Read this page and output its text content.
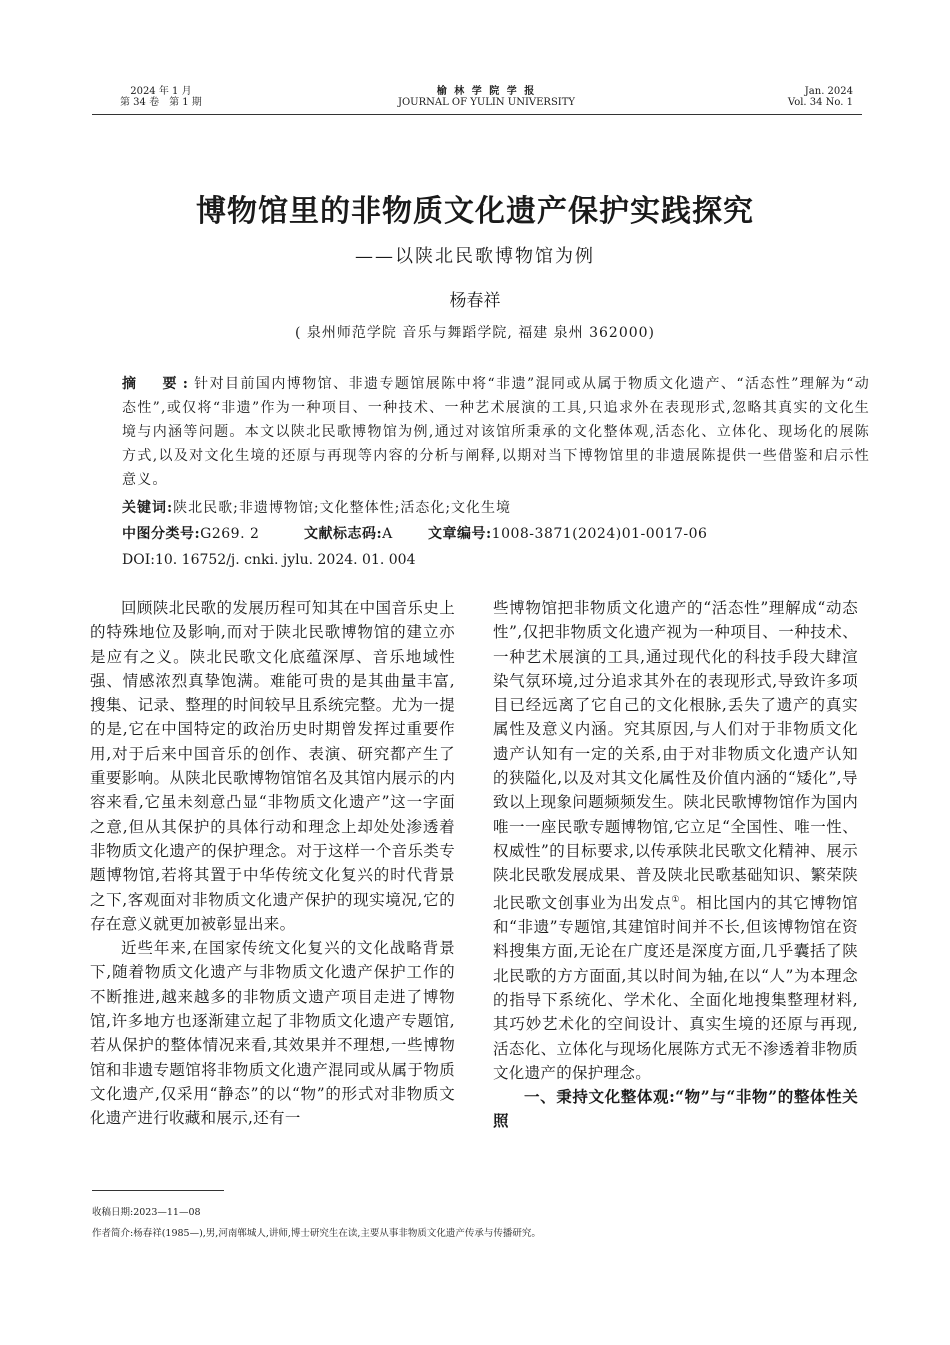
2024 年 1 月
第 34 卷　第 1 期
榆 林 学 院 学 报
JOURNAL OF YULIN UNIVERSITY
Jan. 2024
Vol. 34 No. 1
博物馆里的非物质文化遗产保护实践探究
——以陕北民歌博物馆为例
杨春祥
( 泉州师范学院 音乐与舞蹈学院, 福建 泉州 362000)
摘　要:针对目前国内博物馆、非遗专题馆展陈中将“非遗”混同或从属于物质文化遗产、“活态性”理解为“动态性”,或仅将“非遗”作为一种项目、一种技术、一种艺术展演的工具,只追求外在表现形式,忽略其真实的文化生境与内涵等问题。本文以陕北民歌博物馆为例,通过对该馆所秉承的文化整体观,活态化、立体化、现场化的展陈方式,以及对文化生境的还原与再现等内容的分析与阐释,以期对当下博物馆里的非遗展陈提供一些借鉴和启示性意义。
关键词:陕北民歌;非遗博物馆;文化整体性;活态化;文化生境
中图分类号:G269. 2	文献标志码:A	文章编号:1008-3871(2024)01-0017-06
DOI:10. 16752/j. cnki. jylu. 2024. 01. 004

回顾陕北民歌的发展历程可知其在中国音乐史上的特殊地位及影响,而对于陕北民歌博物馆的建立亦是应有之义。陕北民歌文化底蕴深厚、音乐地域性强、情感浓烈真挚饱满。难能可贵的是其曲量丰富,搜集、记录、整理的时间较早且系统完整。尤为一提的是,它在中国特定的政治历史时期曾发挥过重要作用,对于后来中国音乐的创作、表演、研究都产生了重要影响。从陕北民歌博物馆馆名及其馆内展示的内容来看,它虽未刻意凸显“非物质文化遗产”这一字面之意,但从其保护的具体行动和理念上却处处渗透着非物质文化遗产的保护理念。对于这样一个音乐类专题博物馆,若将其置于中华传统文化复兴的时代背景之下,客观面对非物质文化遗产保护的现实境况,它的存在意义就更加被彰显出来。

近些年来,在国家传统文化复兴的文化战略背景下,随着物质文化遗产与非物质文化遗产保护工作的不断推进,越来越多的非物质文遗产项目走进了博物馆,许多地方也逐渐建立起了非物质文化遗产专题馆,若从保护的整体情况来看,其效果并不理想,一些博物馆和非遗专题馆将非物质文化遗产混同或从属于物质文化遗产,仅采用“静态”的以“物”的形式对非物质文化遗产进行收藏和展示,还有一

些博物馆把非物质文化遗产的“活态性”理解成“动态性”,仅把非物质文化遗产视为一种项目、一种技术、一种艺术展演的工具,通过现代化的科技手段大肆渲染气氛环境,过分追求其外在的表现形式,导致许多项目已经远离了它自己的文化根脉,丢失了遗产的真实属性及意义内涵。究其原因,与人们对于非物质文化遗产认知有一定的关系,由于对非物质文化遗产认知的狭隘化,以及对其文化属性及价值内涵的“矮化”,导致以上现象问题频频发生。陕北民歌博物馆作为国内唯一一座民歌专题博物馆,它立足“全国性、唯一性、权威性”的目标要求,以传承陕北民歌文化精神、展示陕北民歌发展成果、普及陕北民歌基础知识、繁荣陕北民歌文创事业为出发点①。相比国内的其它博物馆和“非遗”专题馆,其建馆时间并不长,但该博物馆在资料搜集方面,无论在广度还是深度方面,几乎囊括了陕北民歌的方方面面,其以时间为轴,在以“人”为本理念的指导下系统化、学术化、全面化地搜集整理材料,其巧妙艺术化的空间设计、真实生境的还原与再现,活态化、立体化与现场化展陈方式无不渗透着非物质文化遗产的保护理念。

一、秉持文化整体观:“物”与“非物”的整体性关照

收稿日期:2023—11—08
作者简介:杨春祥(1985—),男,河南郸城人,讲师,博士研究生在读,主要从事非物质文化遗产传承与传播研究。
